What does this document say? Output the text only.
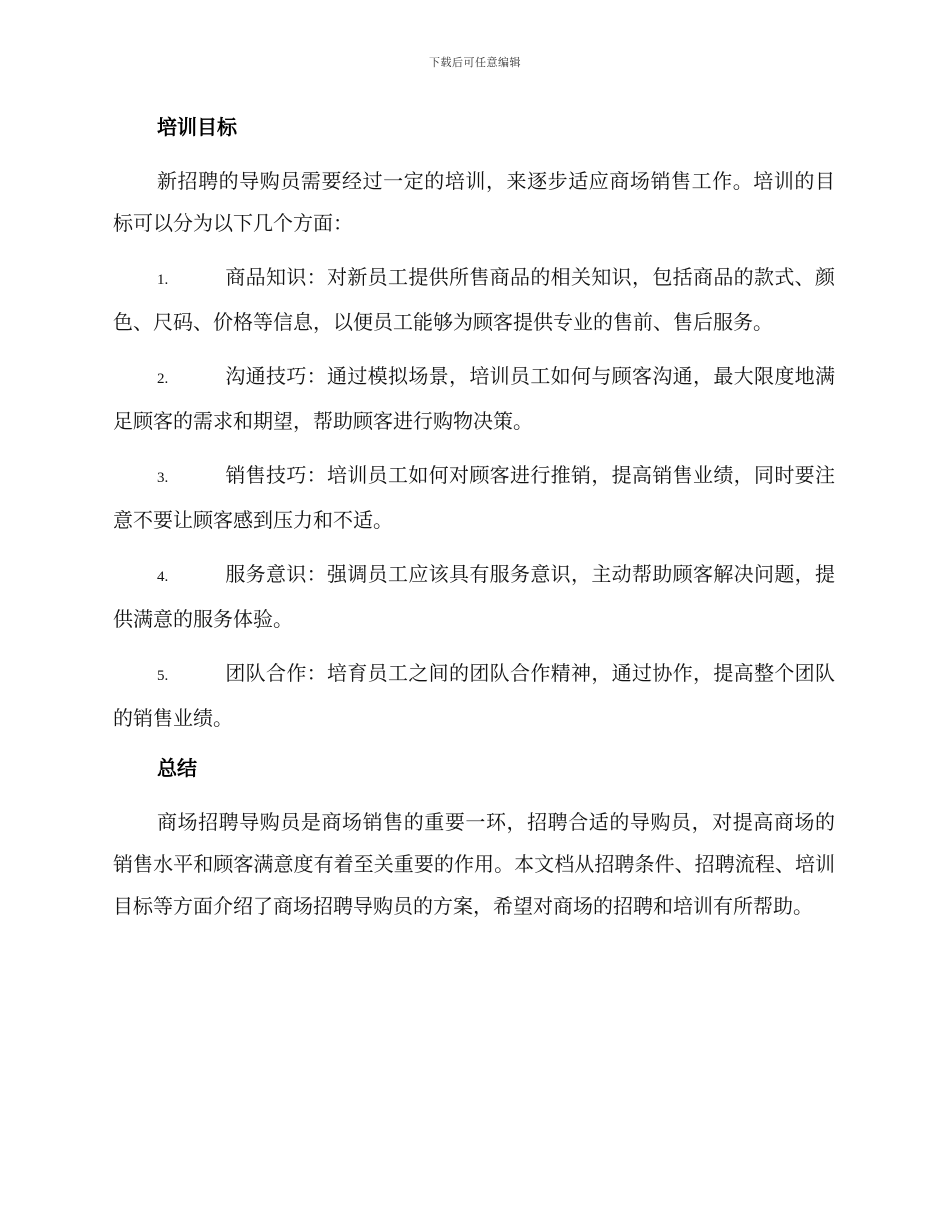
下载后可任意编辑
培训目标

新招聘的导购员需要经过一定的培训，来逐步适应商场销售工作。培训的目标可以分为以下几个方面：

1.	商品知识：对新员工提供所售商品的相关知识，包括商品的款式、颜色、尺码、价格等信息，以便员工能够为顾客提供专业的售前、售后服务。

2.	沟通技巧：通过模拟场景，培训员工如何与顾客沟通，最大限度地满足顾客的需求和期望，帮助顾客进行购物决策。

3.	销售技巧：培训员工如何对顾客进行推销，提高销售业绩，同时要注意不要让顾客感到压力和不适。

4.	服务意识：强调员工应该具有服务意识，主动帮助顾客解决问题，提供满意的服务体验。

5.	团队合作：培育员工之间的团队合作精神，通过协作，提高整个团队的销售业绩。

总结

商场招聘导购员是商场销售的重要一环，招聘合适的导购员，对提高商场的销售水平和顾客满意度有着至关重要的作用。本文档从招聘条件、招聘流程、培训目标等方面介绍了商场招聘导购员的方案，希望对商场的招聘和培训有所帮助。
